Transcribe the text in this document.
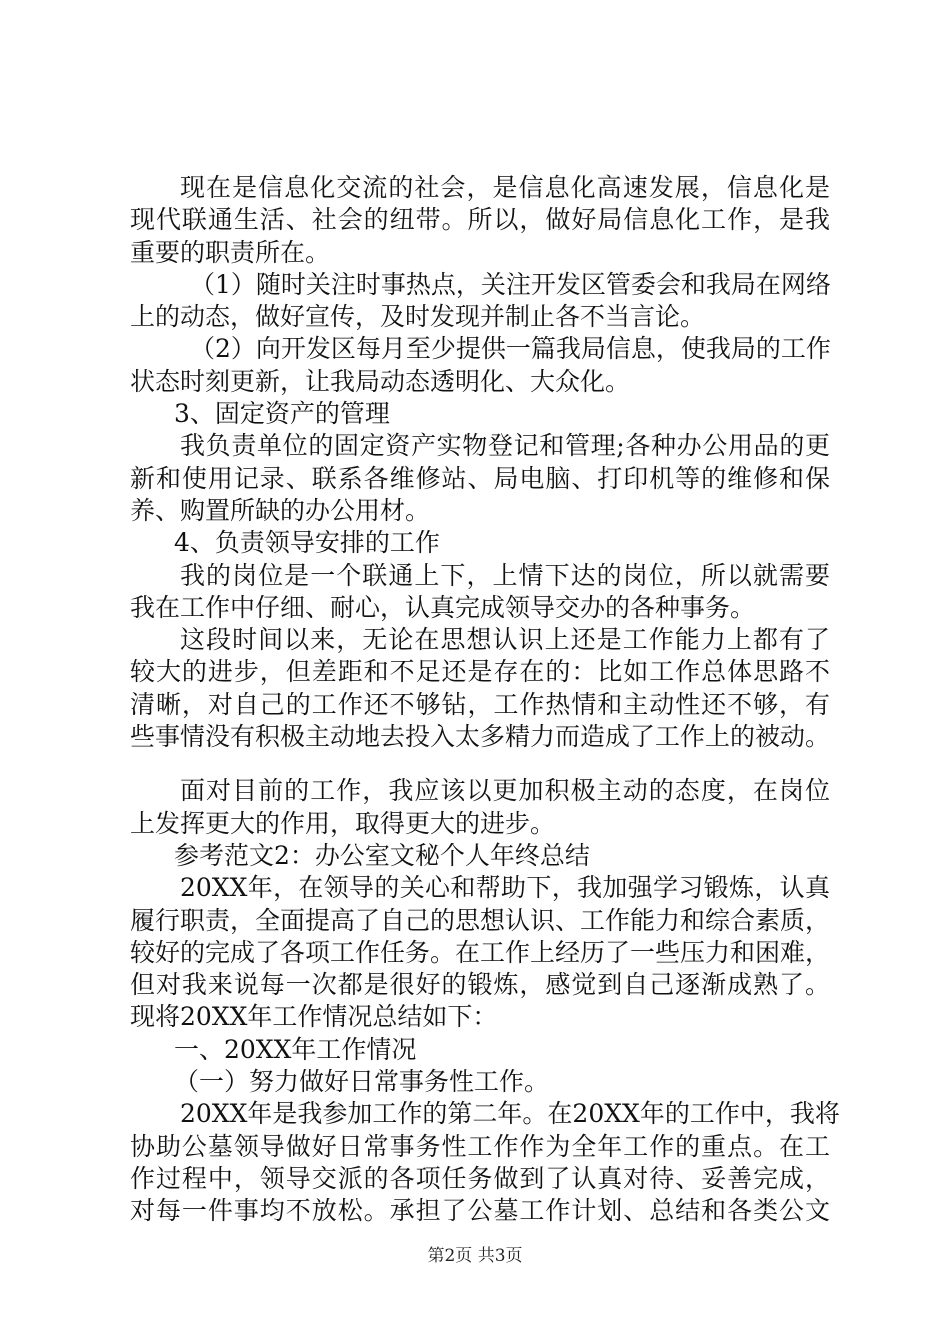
现在是信息化交流的社会，是信息化高速发展，信息化是
现代联通生活、社会的纽带。所以，做好局信息化工作，是我
重要的职责所在。
（1）随时关注时事热点，关注开发区管委会和我局在网络
上的动态，做好宣传，及时发现并制止各不当言论。
（2）向开发区每月至少提供一篇我局信息，使我局的工作
状态时刻更新，让我局动态透明化、大众化。
3、固定资产的管理
我负责单位的固定资产实物登记和管理;各种办公用品的更
新和使用记录、联系各维修站、局电脑、打印机等的维修和保
养、购置所缺的办公用材。
4、负责领导安排的工作
我的岗位是一个联通上下，上情下达的岗位，所以就需要
我在工作中仔细、耐心，认真完成领导交办的各种事务。
这段时间以来，无论在思想认识上还是工作能力上都有了
较大的进步，但差距和不足还是存在的：比如工作总体思路不
清晰，对自己的工作还不够钻，工作热情和主动性还不够，有
些事情没有积极主动地去投入太多精力而造成了工作上的被动。
面对目前的工作，我应该以更加积极主动的态度，在岗位
上发挥更大的作用，取得更大的进步。
参考范文2：办公室文秘个人年终总结
20XX年，在领导的关心和帮助下，我加强学习锻炼，认真
履行职责，全面提高了自己的思想认识、工作能力和综合素质，
较好的完成了各项工作任务。在工作上经历了一些压力和困难，
但对我来说每一次都是很好的锻炼，感觉到自己逐渐成熟了。
现将20XX年工作情况总结如下：
一、20XX年工作情况
（一）努力做好日常事务性工作。
20XX年是我参加工作的第二年。在20XX年的工作中，我将
协助公墓领导做好日常事务性工作作为全年工作的重点。在工
作过程中，领导交派的各项任务做到了认真对待、妥善完成，
对每一件事均不放松。承担了公墓工作计划、总结和各类公文
第2页 共3页
